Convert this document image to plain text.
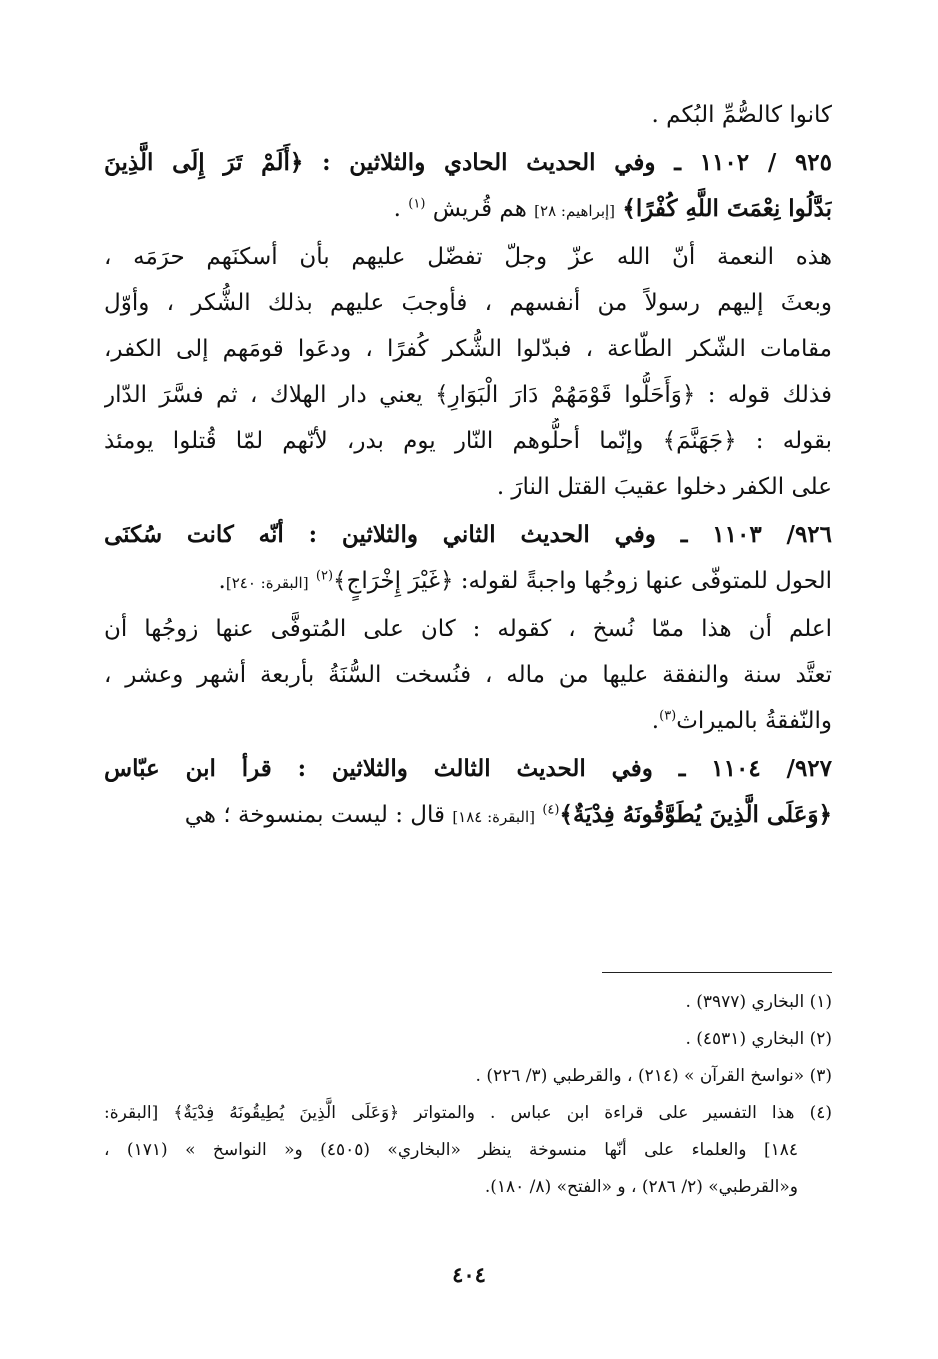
كانوا كالصُّمِّ البُكم .
٩٢٥ / ١١٠٢ ـ وفي الحديث الحادي والثلاثين : ﴿أَلَمْ تَرَ إِلَى الَّذِينَ
بَدَّلُوا نِعْمَتَ اللَّهِ كُفْرًا﴾ [إبراهيم: ٢٨] هم قُريش $^{(١)}$ .
هذه النعمة أنّ الله عزّ وجلّ تفضّل عليهم بأن أسكنَهم حرَمَه ،
وبعثَ إليهم رسولاً من أنفسهم ، فأوجبَ عليهم بذلك الشُّكر ، وأوّل
مقامات الشّكر الطّاعة ، فبدّلوا الشُّكر كُفرًا ، ودعَوا قومَهم إلى الكفر،
فذلك قوله : ﴿وَأَحَلُّوا قَوْمَهُمْ دَارَ الْبَوَارِ﴾ يعني دار الهلاك ، ثم فسَّرَ الدّار
بقوله : ﴿جَهَنَّمَ﴾ وإنّما أحلُّوهم النّار يوم بدر، لأنّهم لمّا قُتلوا يومئذ
على الكفر دخلوا عقيبَ القتل النارَ .
٩٢٦/ ١١٠٣ ـ وفي الحديث الثاني والثلاثين : أنّه كانت سُكنَى
الحول للمتوفّى عنها زوجُها واجبةً لقوله: ﴿غَيْرَ إِخْرَاجٍ﴾$^{(٢)}$ [البقرة: ٢٤٠].
اعلم أن هذا ممّا نُسخ ، كقوله : كان على المُتوفَّى عنها زوجُها أن
تعتَّد سنة والنفقة عليها من ماله ، فنُسخت السُّنَةُ بأربعة أشهر وعشر ،
والنّفقةُ بالميراث$^{(٣)}$.
٩٢٧/ ١١٠٤ ـ وفي الحديث الثالث والثلاثين : قرأ ابن عبّاس
﴿وَعَلَى الَّذِينَ يُطَوَّقُونَهُ فِدْيَةٌ﴾$^{(٤)}$ [البقرة: ١٨٤] قال : ليست بمنسوخة ؛ هي
(١) البخاري (٣٩٧٧) .
(٢) البخاري (٤٥٣١) .
(٣) «نواسخ القرآن » (٢١٤) ، والقرطبي (٣/ ٢٢٦) .
(٤) هذا التفسير على قراءة ابن عباس . والمتواتر ﴿وَعَلَى الَّذِينَ يُطِيقُونَهُ فِدْيَةٌ﴾ [البقرة:
١٨٤] والعلماء على أنّها منسوخة ينظر «البخاري» (٤٥٠٥) و« النواسخ » (١٧١) ،
و«القرطبي» (٢/ ٢٨٦) ، و «الفتح» (٨/ ١٨٠).
٤٠٤
